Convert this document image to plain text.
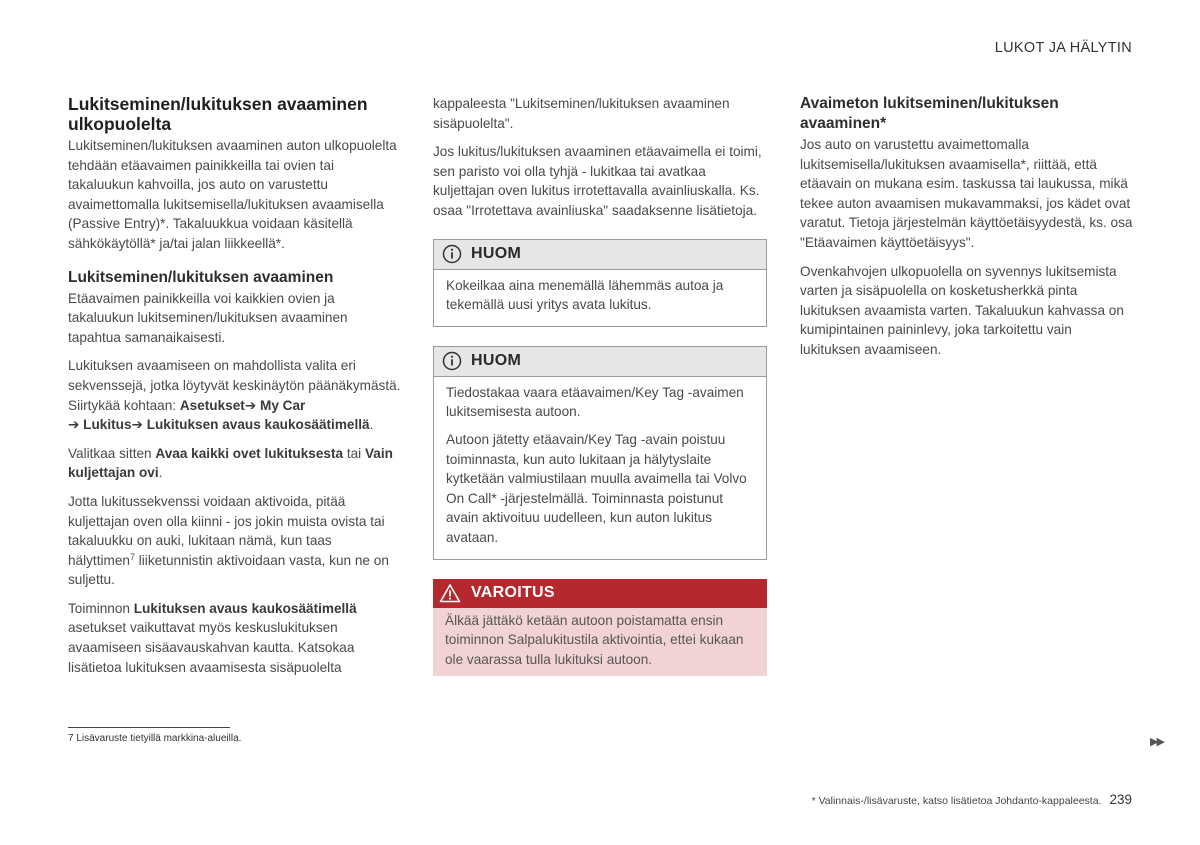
LUKOT JA HÄLYTIN
Lukitseminen/lukituksen avaaminen ulkopuolelta

Lukitseminen/lukituksen avaaminen auton ulkopuolelta tehdään etäavaimen painikkeilla tai ovien tai takaluukun kahvoilla, jos auto on varustettu avaimettomalla lukitsemisella/lukituksen avaamisella (Passive Entry)*. Takaluukkua voidaan käsitellä sähkökäytöllä* ja/tai jalan liikkeellä*.

Lukitseminen/lukituksen avaaminen

Etäavaimen painikkeilla voi kaikkien ovien ja takaluukun lukitseminen/lukituksen avaaminen tapahtua samanaikaisesti.

Lukituksen avaamiseen on mahdollista valita eri sekvenssejä, jotka löytyvät keskinäytön päänäkymästä. Siirtykää kohtaan: Asetukset➔ My Car
➔ Lukitus➔ Lukituksen avaus kaukosäätimellä.

Valitkaa sitten Avaa kaikki ovet lukituksesta tai Vain kuljettajan ovi.

Jotta lukitussekvenssi voidaan aktivoida, pitää kuljettajan oven olla kiinni - jos jokin muista ovista tai takaluukku on auki, lukitaan nämä, kun taas hälyttimen$^7$ liiketunnistin aktivoidaan vasta, kun ne on suljettu.

Toiminnon Lukituksen avaus kaukosäätimellä asetukset vaikuttavat myös keskuslukituksen avaamiseen sisäavauskahvan kautta. Katsokaa lisätietoa lukituksen avaamisesta sisäpuolelta

kappaleesta "Lukitseminen/lukituksen avaaminen sisäpuolelta".

Jos lukitus/lukituksen avaaminen etäavaimella ei toimi, sen paristo voi olla tyhjä - lukitkaa tai avatkaa kuljettajan oven lukitus irrotettavalla avainliuskalla. Ks. osaa "Irrotettava avainliuska" saadaksenne lisätietoja.

HUOM

Kokeilkaa aina menemällä lähemmäs autoa ja tekemällä uusi yritys avata lukitus.

HUOM

Tiedostakaa vaara etäavaimen/Key Tag -avaimen lukitsemisesta autoon.

Autoon jätetty etäavain/Key Tag -avain poistuu toiminnasta, kun auto lukitaan ja hälytyslaite kytketään valmiustilaan muulla avaimella tai Volvo On Call* -järjestelmällä. Toiminnasta poistunut avain aktivoituu uudelleen, kun auton lukitus avataan.

VAROITUS
Älkää jättäkö ketään autoon poistamatta ensin toiminnon Salpalukitustila aktivointia, ettei kukaan ole vaarassa tulla lukituksi autoon.
Avaimeton lukitseminen/lukituksen avaaminen*

Jos auto on varustettu avaimettomalla lukitsemisella/lukituksen avaamisella*, riittää, että etäavain on mukana esim. taskussa tai laukussa, mikä tekee auton avaamisen mukavammaksi, jos kädet ovat varatut. Tietoja järjestelmän käyttöetäisyydestä, ks. osa "Etäavaimen käyttöetäisyys".

Ovenkahvojen ulkopuolella on syvennys lukitsemista varten ja sisäpuolella on kosketusherkkä pinta lukituksen avaamista varten. Takaluukun kahvassa on kumipintainen paininlevy, joka tarkoitettu vain lukituksen avaamiseen.

7 Lisävaruste tietyillä markkina-alueilla.	▶▶
* Valinnais-/lisävaruste, katso lisätietoa Johdanto-kappaleesta. 239
